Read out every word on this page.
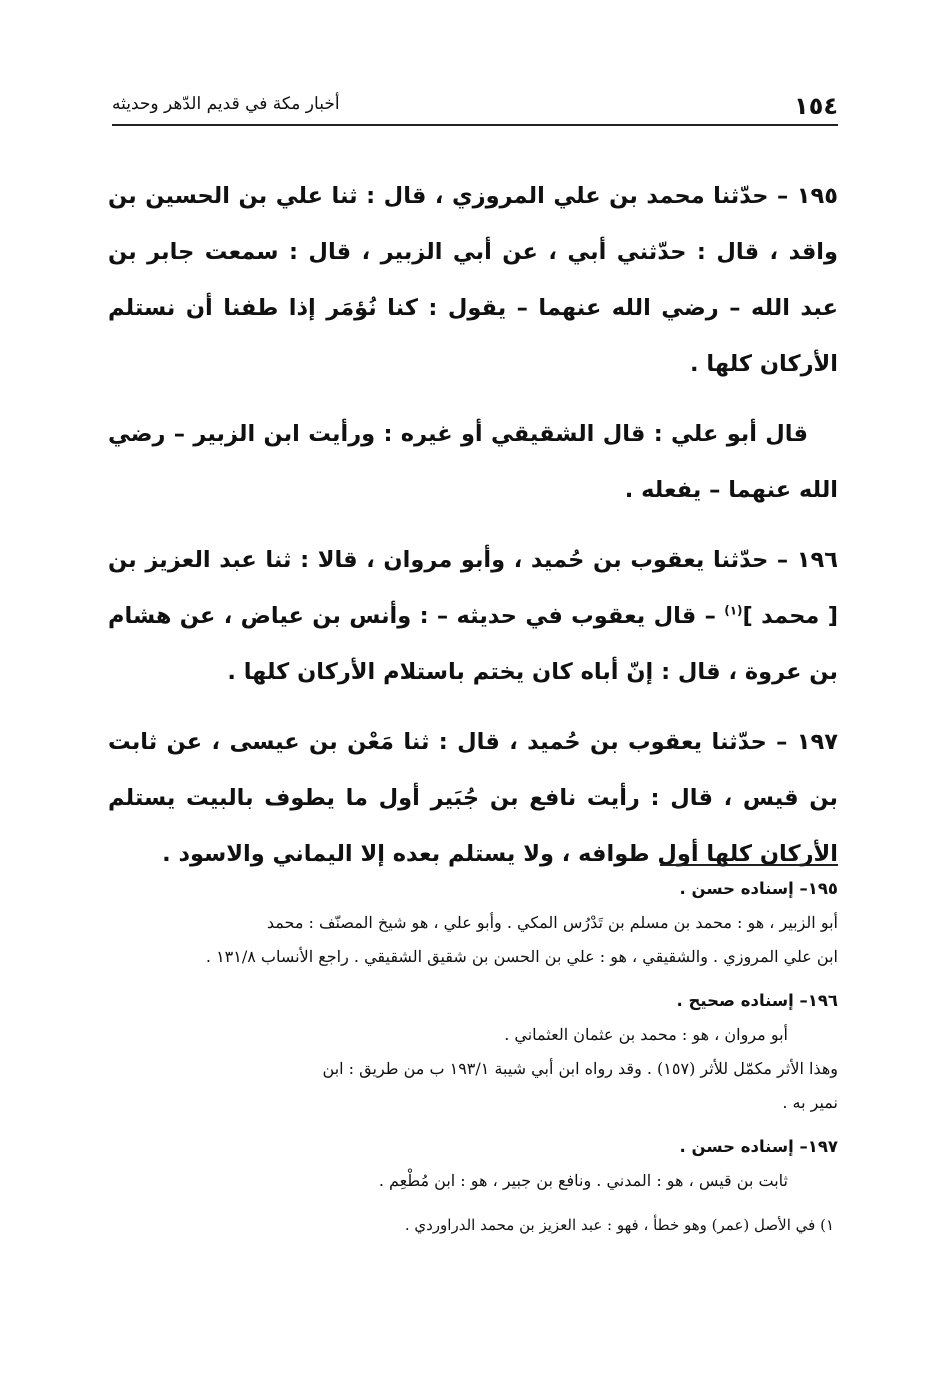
١٥٤
أخبار مكة في قديم الدّهر وحديثه

١٩٥ – حدّثنا محمد بن علي المروزي ، قال : ثنا علي بن الحسين بن واقد ، قال : حدّثني أبي ، عن أبي الزبير ، قال : سمعت جابر بن عبد الله – رضي الله عنهما – يقول : كنا نُؤمَر إذا طفنا أن نستلم الأركان كلها .

قال أبو علي : قال الشقيقي أو غيره : ورأيت ابن الزبير – رضي الله عنهما – يفعله .

١٩٦ – حدّثنا يعقوب بن حُميد ، وأبو مروان ، قالا : ثنا عبد العزيز بن [ محمد ]$^{(١)}$ – قال يعقوب في حديثه – : وأنس بن عياض ، عن هشام بن عروة ، قال : إنّ أباه كان يختم باستلام الأركان كلها .

١٩٧ – حدّثنا يعقوب بن حُميد ، قال : ثنا مَعْن بن عيسى ، عن ثابت بن قيس ، قال : رأيت نافع بن جُبَير أول ما يطوف بالبيت يستلم الأركان كلها أول طوافه ، ولا يستلم بعده إلا اليماني والاسود .

١٩٥– إسناده حسن .

أبو الزبير ، هو : محمد بن مسلم بن تَدْرُس المكي . وأبو علي ، هو شيخ المصنّف : محمد

ابن علي المروزي . والشقيقي ، هو : علي بن الحسن بن شقيق الشقيقي . راجع الأنساب ١٣١/٨ .

١٩٦– إسناده صحيح .

أبو مروان ، هو : محمد بن عثمان العثماني .

وهذا الأثر مكمّل للأثر (١٥٧) . وقد رواه ابن أبي شيبة ١٩٣/١ ب من طريق : ابن

نمير به .

١٩٧– إسناده حسن .

ثابت بن قيس ، هو : المدني . ونافع بن جبير ، هو : ابن مُطْعِم .

١) في الأصل (عمر) وهو خطأ ، فهو : عبد العزيز بن محمد الدراوردي .
